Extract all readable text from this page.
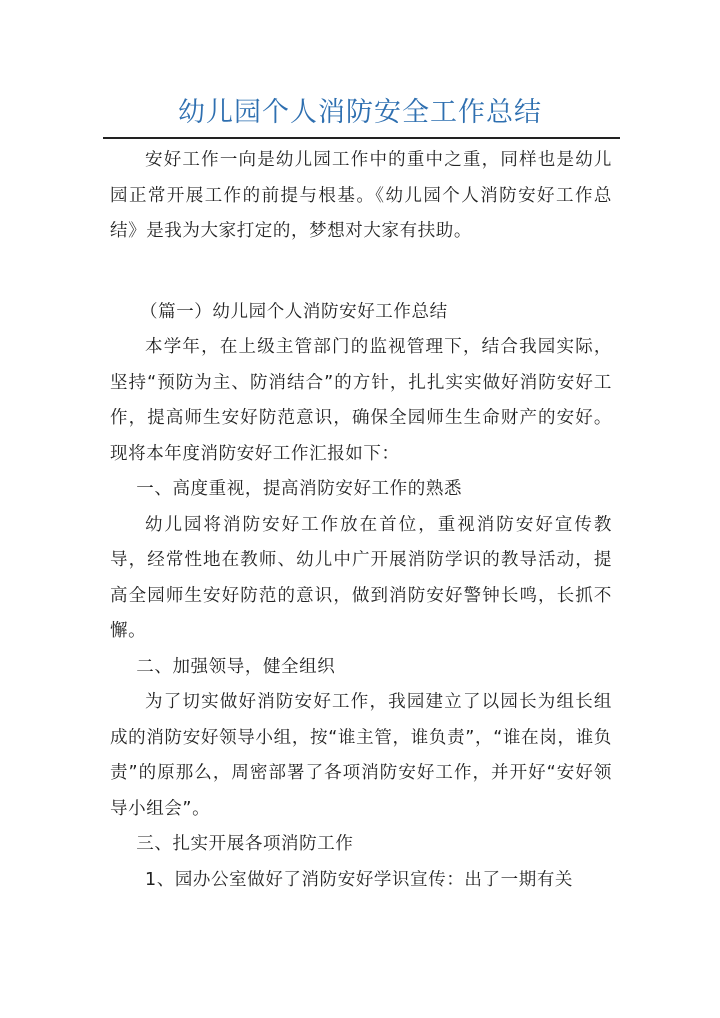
幼儿园个人消防安全工作总结

安好工作一向是幼儿园工作中的重中之重，同样也是幼儿园正常开展工作的前提与根基。《幼儿园个人消防安好工作总结》是我为大家打定的，梦想对大家有扶助。

（篇一）幼儿园个人消防安好工作总结

本学年，在上级主管部门的监视管理下，结合我园实际，坚持“预防为主、防消结合”的方针，扎扎实实做好消防安好工作，提高师生安好防范意识，确保全园师生生命财产的安好。现将本年度消防安好工作汇报如下：

一、高度重视，提高消防安好工作的熟悉

幼儿园将消防安好工作放在首位，重视消防安好宣传教导，经常性地在教师、幼儿中广开展消防学识的教导活动，提高全园师生安好防范的意识，做到消防安好警钟长鸣，长抓不懈。

二、加强领导，健全组织

为了切实做好消防安好工作，我园建立了以园长为组长组成的消防安好领导小组，按“谁主管，谁负责”，“谁在岗，谁负责”的原那么，周密部署了各项消防安好工作，并开好“安好领导小组会”。

三、扎实开展各项消防工作

1、园办公室做好了消防安好学识宣传：出了一期有关
